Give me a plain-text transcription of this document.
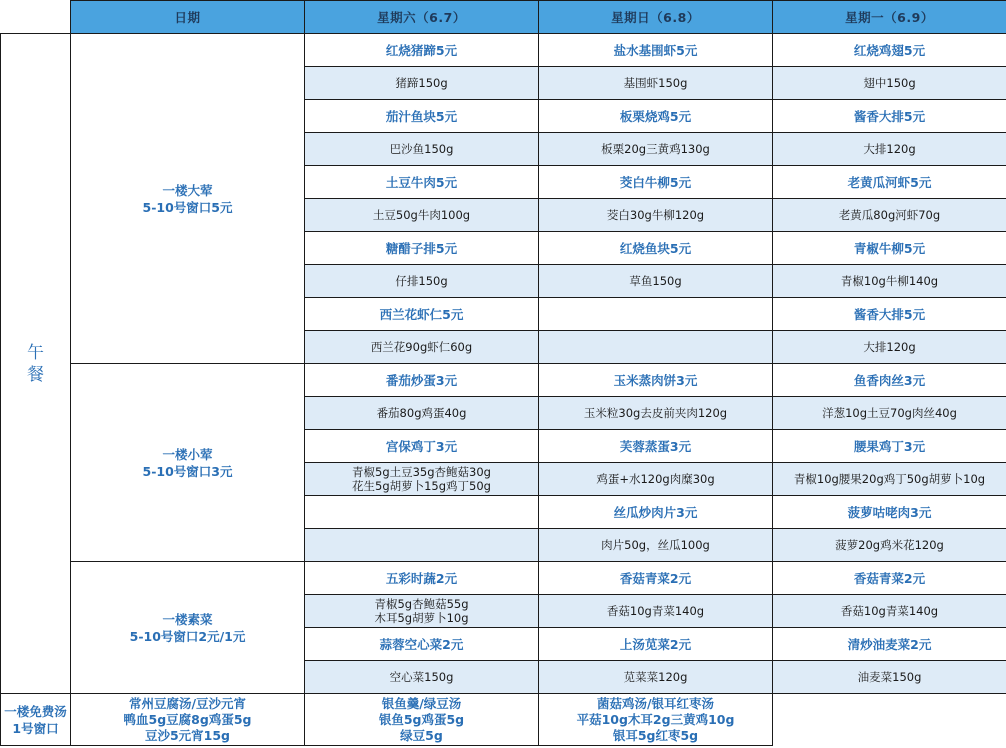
	日期	星期六（6.7）	星期日（6.8）	星期一（6.9）

午
餐	一楼大荤
5-10号窗口5元	红烧猪蹄5元	盐水基围虾5元	红烧鸡翅5元

		猪蹄150g	基围虾150g	翅中150g

		茄汁鱼块5元	板栗烧鸡5元	酱香大排5元

		巴沙鱼150g	板栗20g三黄鸡130g	大排120g

		土豆牛肉5元	茭白牛柳5元	老黄瓜河虾5元

		土豆50g牛肉100g	茭白30g牛柳120g	老黄瓜80g河虾70g

		糖醋子排5元	红烧鱼块5元	青椒牛柳5元

		仔排150g	草鱼150g	青椒10g牛柳140g

		西兰花虾仁5元		酱香大排5元

		西兰花90g虾仁60g		大排120g

	一楼小荤
5-10号窗口3元	番茄炒蛋3元	玉米蒸肉饼3元	鱼香肉丝3元

		番茄80g鸡蛋40g	玉米粒30g去皮前夹肉120g	洋葱10g土豆70g肉丝40g

		宫保鸡丁3元	芙蓉蒸蛋3元	腰果鸡丁3元

		青椒5g土豆35g杏鲍菇30g
花生5g胡萝卜15g鸡丁50g	鸡蛋+水120g肉糜30g	青椒10g腰果20g鸡丁50g胡萝卜10g

			丝瓜炒肉片3元	菠萝咕咾肉3元

			肉片50g，丝瓜100g	菠萝20g鸡米花120g

	一楼素菜
5-10号窗口2元/1元	五彩时蔬2元	香菇青菜2元	香菇青菜2元

		青椒5g杏鲍菇55g
木耳5g胡萝卜10g	香菇10g青菜140g	香菇10g青菜140g

		蒜蓉空心菜2元	上汤苋菜2元	清炒油麦菜2元

		空心菜150g	苋菜菜120g	油麦菜150g

一楼免费汤1号窗口	常州豆腐汤/豆沙元宵
鸭血5g豆腐8g鸡蛋5g
豆沙5元宵15g	银鱼羹/绿豆汤
银鱼5g鸡蛋5g
绿豆5g	菌菇鸡汤/银耳红枣汤
平菇10g木耳2g三黄鸡10g
银耳5g红枣5g	
